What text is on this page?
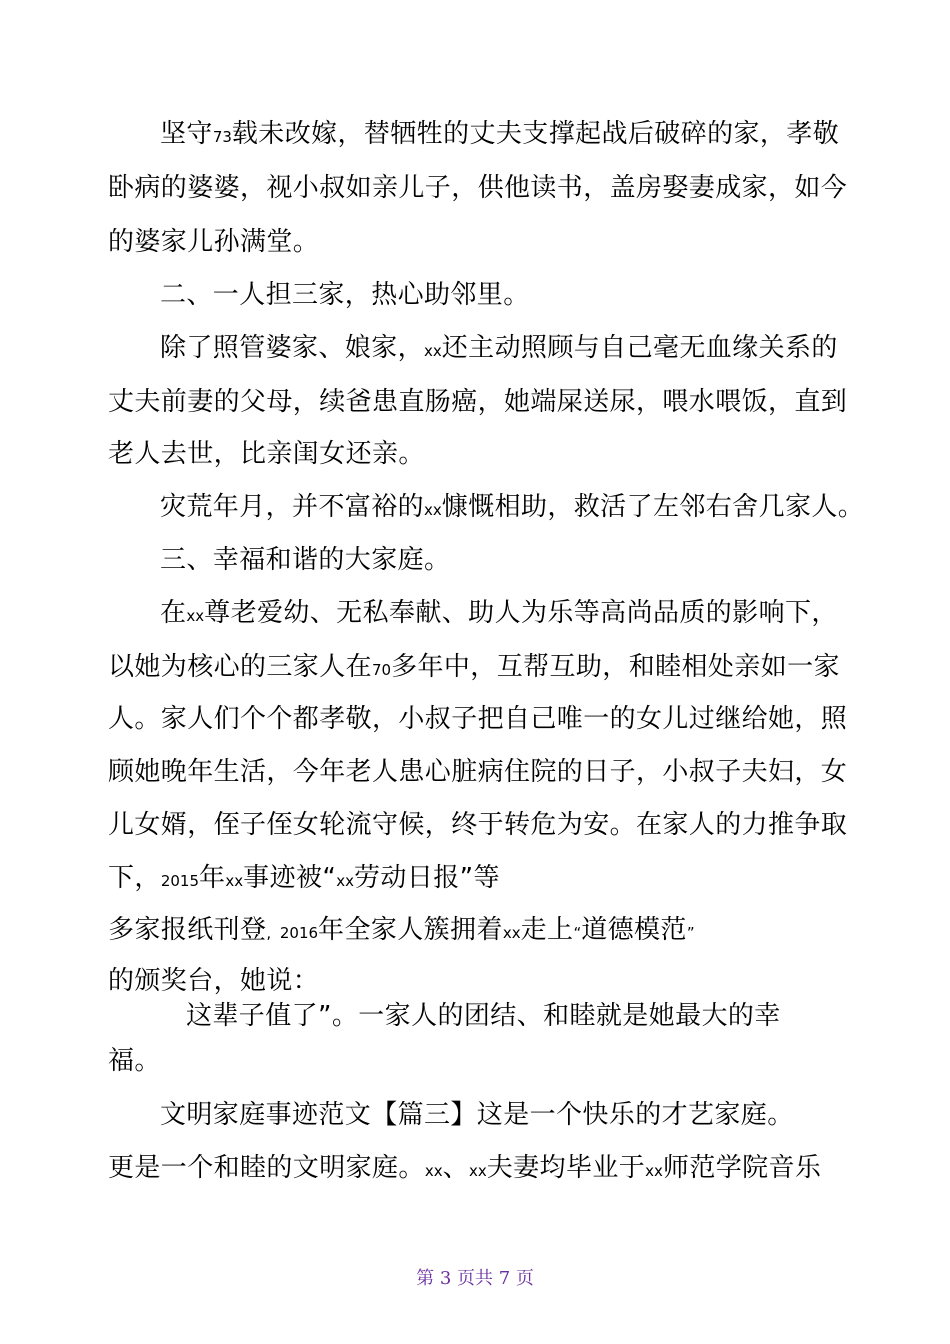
坚守73载未改嫁，替牺牲的丈夫支撑起战后破碎的家，孝敬
卧病的婆婆，视小叔如亲儿子，供他读书，盖房娶妻成家，如今
的婆家儿孙满堂。
二、一人担三家，热心助邻里。
除了照管婆家、娘家，xx还主动照顾与自己毫无血缘关系的
丈夫前妻的父母，续爸患直肠癌，她端屎送尿，喂水喂饭，直到
老人去世，比亲闺女还亲。
灾荒年月，并不富裕的xx慷慨相助，救活了左邻右舍几家人。
三、幸福和谐的大家庭。
在xx尊老爱幼、无私奉献、助人为乐等高尚品质的影响下，
以她为核心的三家人在70多年中，互帮互助，和睦相处亲如一家
人。家人们个个都孝敬，小叔子把自己唯一的女儿过继给她，照
顾她晚年生活，今年老人患心脏病住院的日子，小叔子夫妇，女
儿女婿，侄子侄女轮流守候，终于转危为安。在家人的力推争取
下，2015年xx事迹被“xx劳动日报”等
多家报纸刊登, 2016年全家人簇拥着xx走上“道德模范”
的颁奖台，她说：
这辈子值了”。一家人的团结、和睦就是她最大的幸
福。
文明家庭事迹范文【篇三】这是一个快乐的才艺家庭。
更是一个和睦的文明家庭。xx、xx夫妻均毕业于xx师范学院音乐
第 3 页共 7 页
